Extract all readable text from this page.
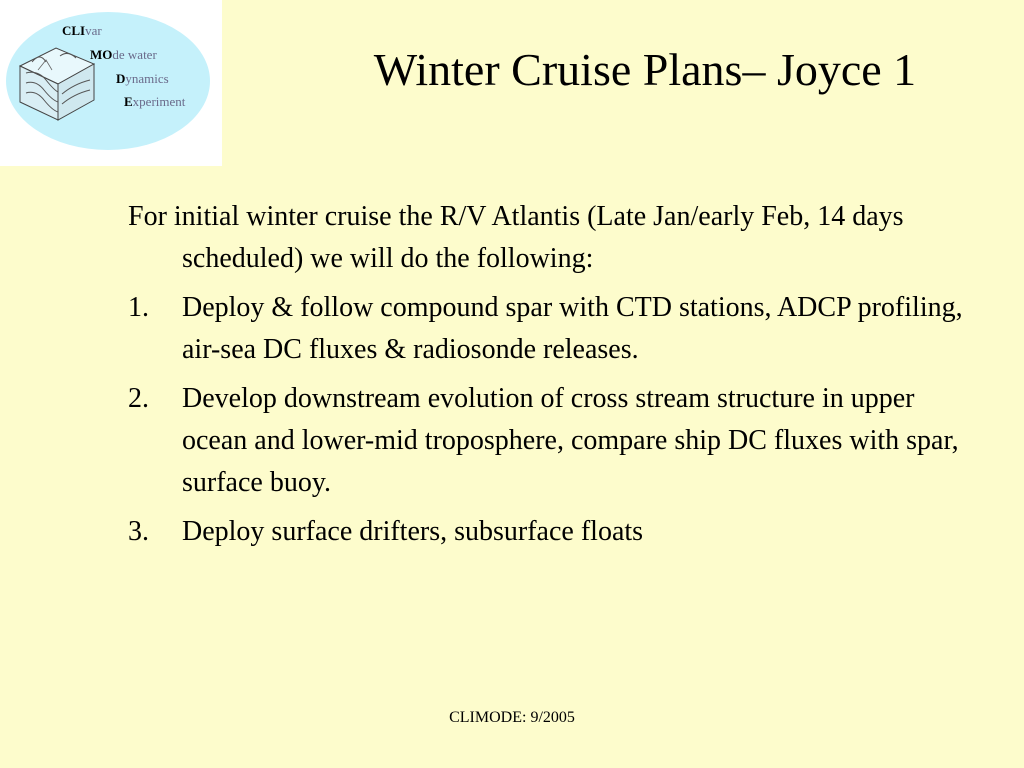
CLIvar
MOde water
Dynamics
Experiment
Winter Cruise Plans– Joyce 1

For initial winter cruise the R/V Atlantis (Late Jan/early Feb, 14 days scheduled) we will do the following:

1.	Deploy & follow compound spar with CTD stations, ADCP profiling, air-sea DC fluxes & radiosonde releases.
2.	Develop downstream evolution of cross stream structure in upper ocean and lower-mid troposphere, compare ship DC fluxes with spar, surface buoy.
3.	Deploy surface drifters, subsurface floats
CLIMODE: 9/2005
